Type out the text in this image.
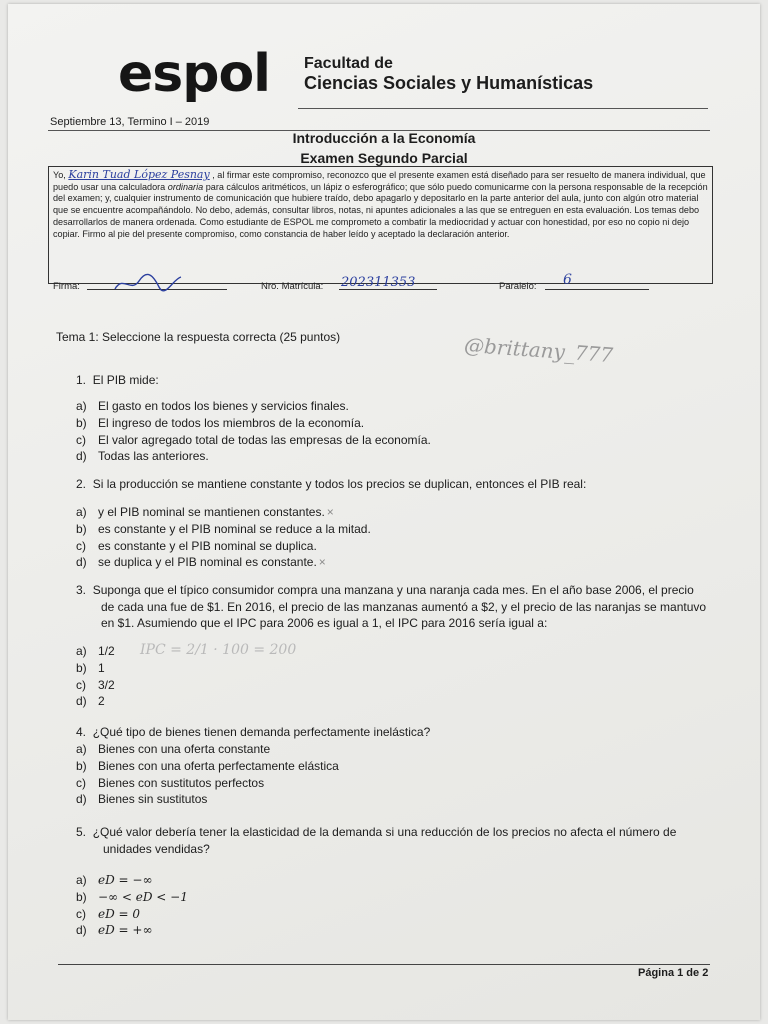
espol Facultad de
Ciencias Sociales y Humanísticas
Septiembre 13, Termino I – 2019
Introducción a la Economía
Examen Segundo Parcial
Yo, Karin Tuad López Pesnay , al firmar este compromiso, reconozco que el presente examen está diseñado para ser resuelto de manera individual, que puedo usar una calculadora ordinaria para cálculos aritméticos, un lápiz o esferográfico; que sólo puedo comunicarme con la persona responsable de la recepción del examen; y, cualquier instrumento de comunicación que hubiere traído, debo apagarlo y depositarlo en la parte anterior del aula, junto con algún otro material que se encuentre acompañándolo. No debo, además, consultar libros, notas, ni apuntes adicionales a las que se entreguen en esta evaluación. Los temas debo desarrollarlos de manera ordenada. Como estudiante de ESPOL me comprometo a combatir la mediocridad y actuar con honestidad, por eso no copio ni dejo copiar. Firmo al pie del presente compromiso, como constancia de haber leído y aceptado la declaración anterior.
Firma:	Nro. Matrícula: 202311353	Paralelo: 6
Tema 1: Seleccione la respuesta correcta (25 puntos)	@brittany_777
1. El PIB mide:
a) El gasto en todos los bienes y servicios finales.
b) El ingreso de todos los miembros de la economía.
c) El valor agregado total de todas las empresas de la economía.
d) Todas las anteriores.
2. Si la producción se mantiene constante y todos los precios se duplican, entonces el PIB real:
a) y el PIB nominal se mantienen constantes. ×
b) es constante y el PIB nominal se reduce a la mitad.
c) es constante y el PIB nominal se duplica.
d) se duplica y el PIB nominal es constante. ×
3. Suponga que el típico consumidor compra una manzana y una naranja cada mes. En el año base 2006, el precio
de cada una fue de $1. En 2016, el precio de las manzanas aumentó a $2, y el precio de las naranjas se mantuvo
en $1. Asumiendo que el IPC para 2006 es igual a 1, el IPC para 2016 sería igual a:
IPC = 2/1 · 100 = 200
a) 1/2
b) 1
c) 3/2
d) 2
4. ¿Qué tipo de bienes tienen demanda perfectamente inelástica?
a) Bienes con una oferta constante
b) Bienes con una oferta perfectamente elástica
c) Bienes con sustitutos perfectos
d) Bienes sin sustitutos
5. ¿Qué valor debería tener la elasticidad de la demanda si una reducción de los precios no afecta el número de
unidades vendidas?
a) eD = −∞
b) −∞ < eD < −1
c) eD = 0
d) eD = +∞
Página 1 de 2
